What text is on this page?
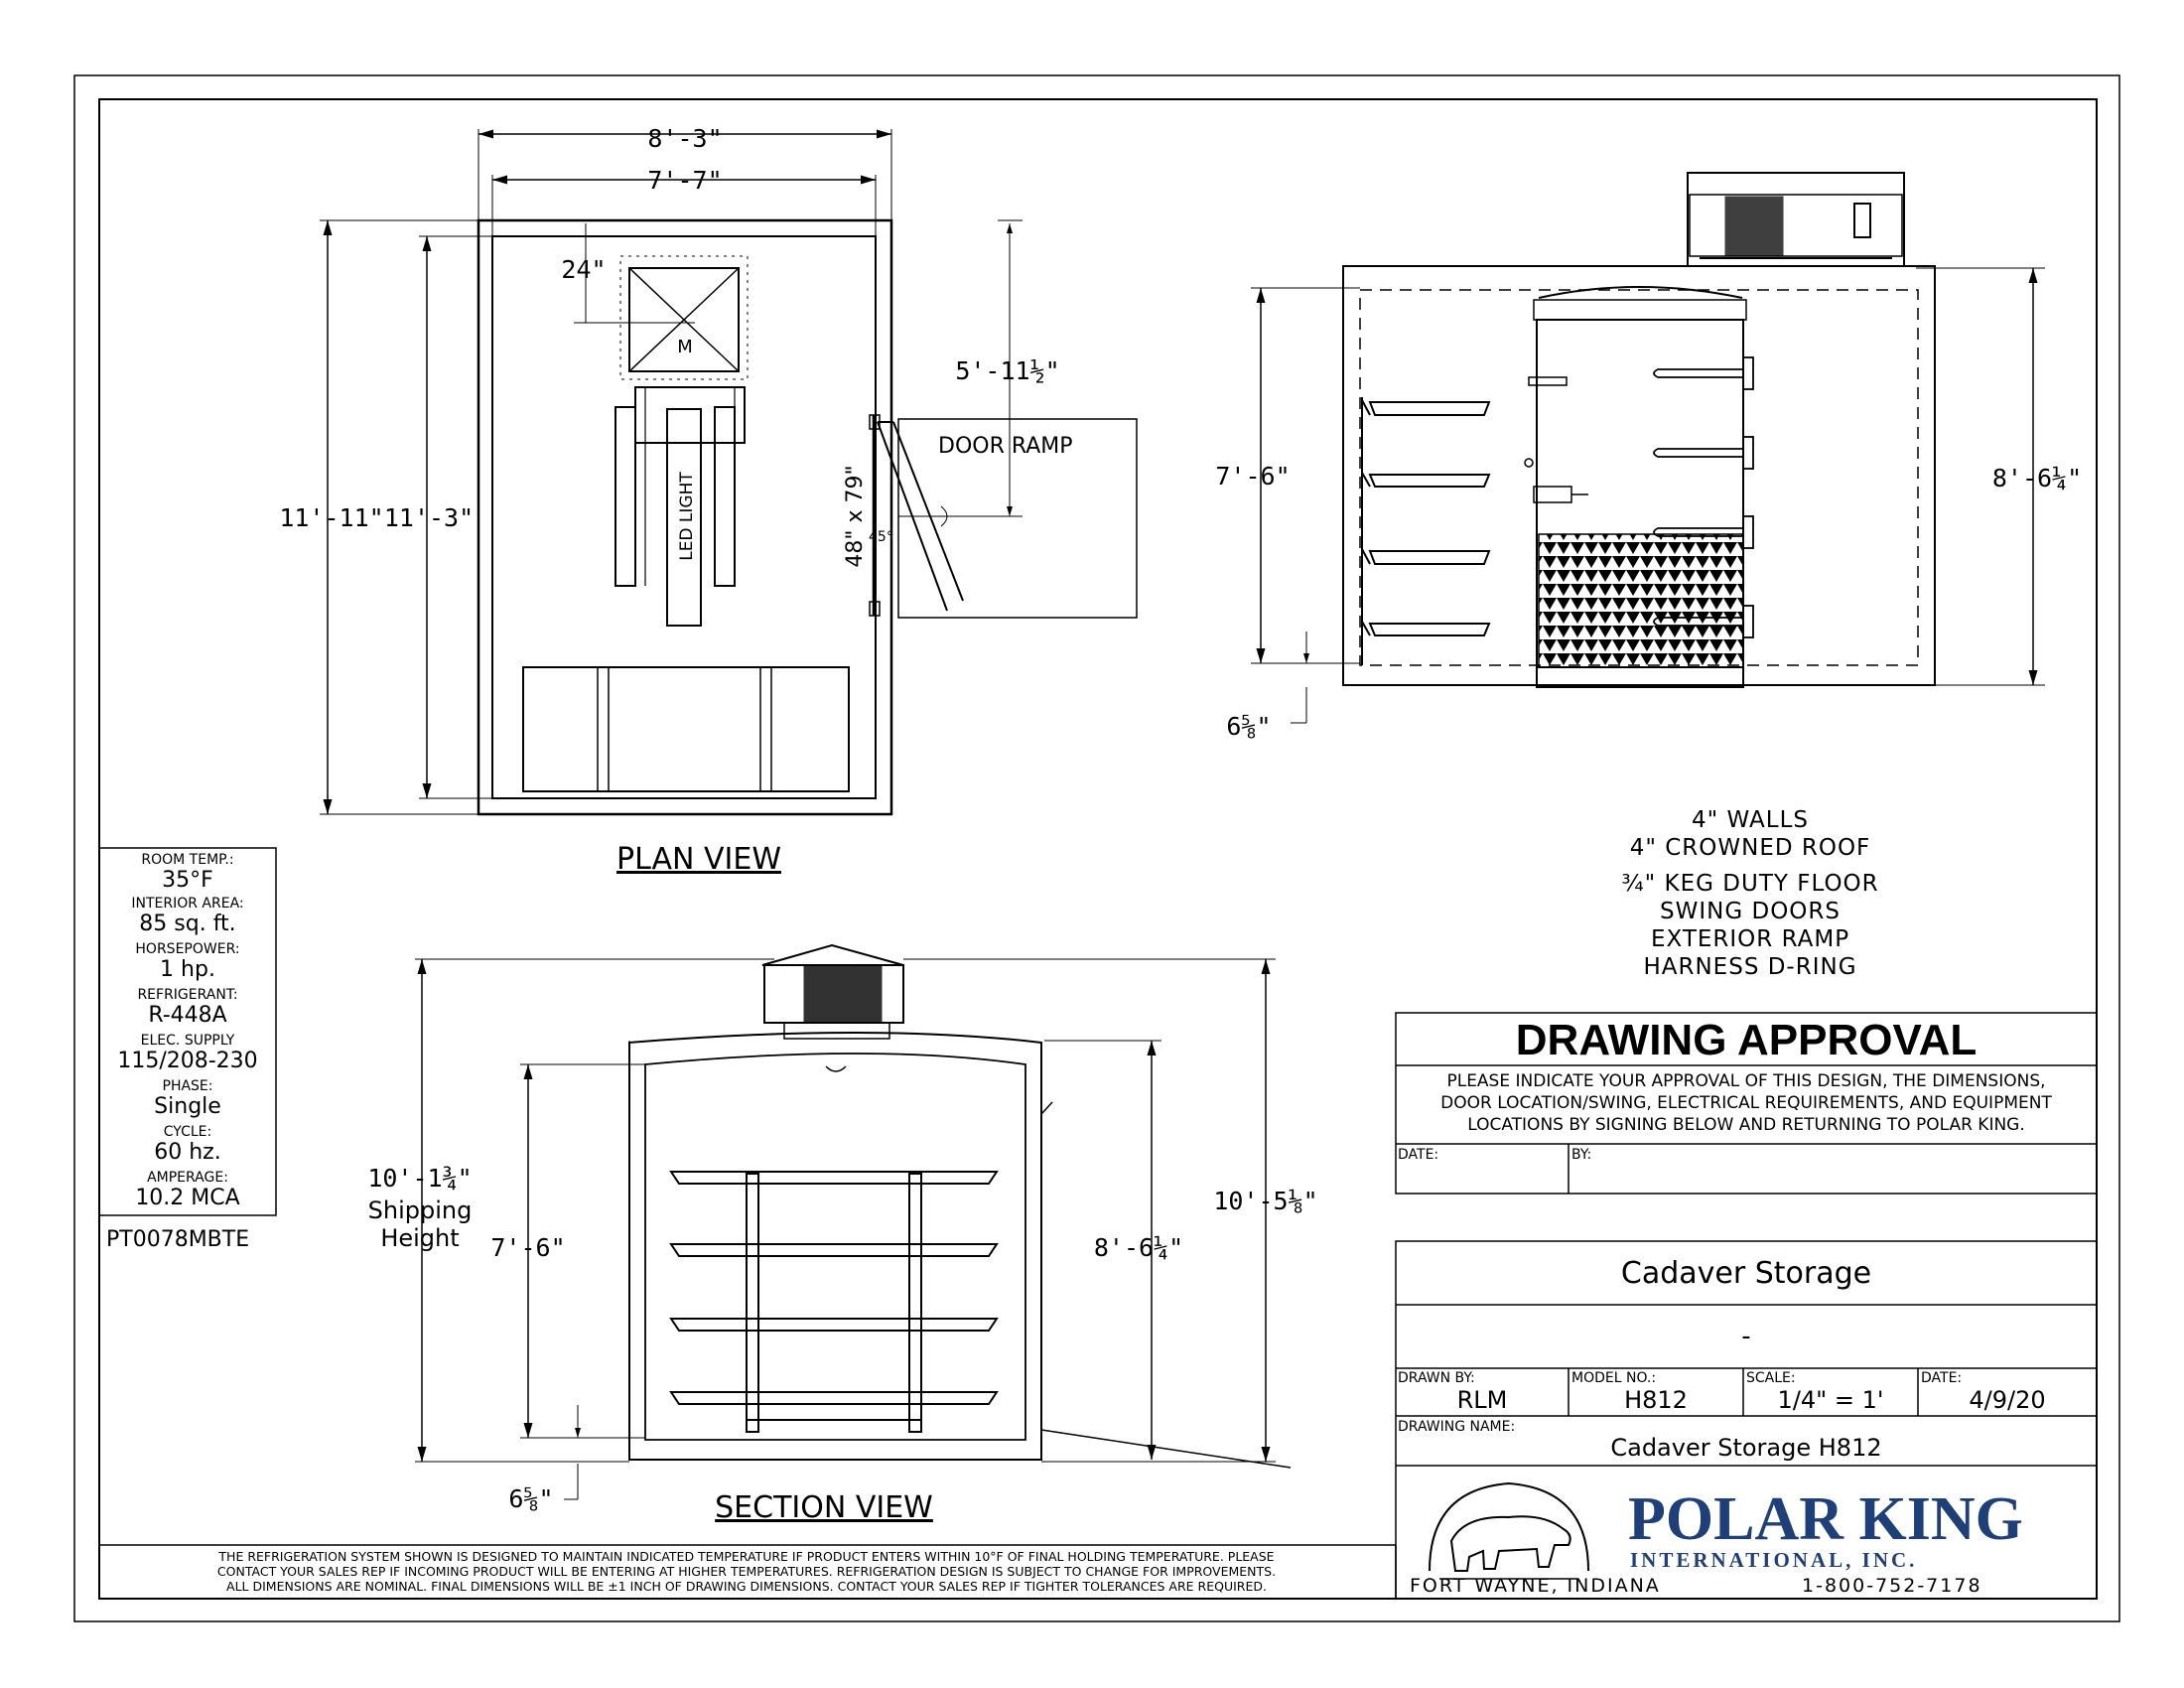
8'-3"
7'-7"
11'-11" 11'-3"
24"
5'-11½"
48" x 79" 45°
DOOR RAMP
LED LIGHT
M
PLAN VIEW
7'-6"	8'-6¼"
6⅝"
10'-1¾"
Shipping
Height 7'-6"	8'-6¼"
10'-5⅛"
6⅝"	SECTION VIEW
ROOM TEMP.:
35°F
INTERIOR AREA:
85 sq. ft.
HORSEPOWER:
1 hp.
REFRIGERANT:
R-448A
ELEC. SUPPLY
115/208-230
PHASE:
Single
CYCLE:
60 hz.
AMPERAGE:
10.2 MCA
PT0078MBTE
4" WALLS
4" CROWNED ROOF
¾" KEG DUTY FLOOR
SWING DOORS
EXTERIOR RAMP
HARNESS D-RING
DRAWING APPROVAL
PLEASE INDICATE YOUR APPROVAL OF THIS DESIGN, THE DIMENSIONS,
DOOR LOCATION/SWING, ELECTRICAL REQUIREMENTS, AND EQUIPMENT
LOCATIONS BY SIGNING BELOW AND RETURNING TO POLAR KING.
DATE:	BY:
Cadaver Storage
-
DRAWN BY:
RLM
MODEL NO.:
H812
SCALE:
1/4" = 1'
DATE:
4/9/20
DRAWING NAME:
Cadaver Storage H812
POLAR KING
INTERNATIONAL, INC.
FORT WAYNE, INDIANA	1-800-752-7178
THE REFRIGERATION SYSTEM SHOWN IS DESIGNED TO MAINTAIN INDICATED TEMPERATURE IF PRODUCT ENTERS WITHIN 10°F OF FINAL HOLDING TEMPERATURE. PLEASE
CONTACT YOUR SALES REP IF INCOMING PRODUCT WILL BE ENTERING AT HIGHER TEMPERATURES. REFRIGERATION DESIGN IS SUBJECT TO CHANGE FOR IMPROVEMENTS.
ALL DIMENSIONS ARE NOMINAL. FINAL DIMENSIONS WILL BE ±1 INCH OF DRAWING DIMENSIONS. CONTACT YOUR SALES REP IF TIGHTER TOLERANCES ARE REQUIRED.
